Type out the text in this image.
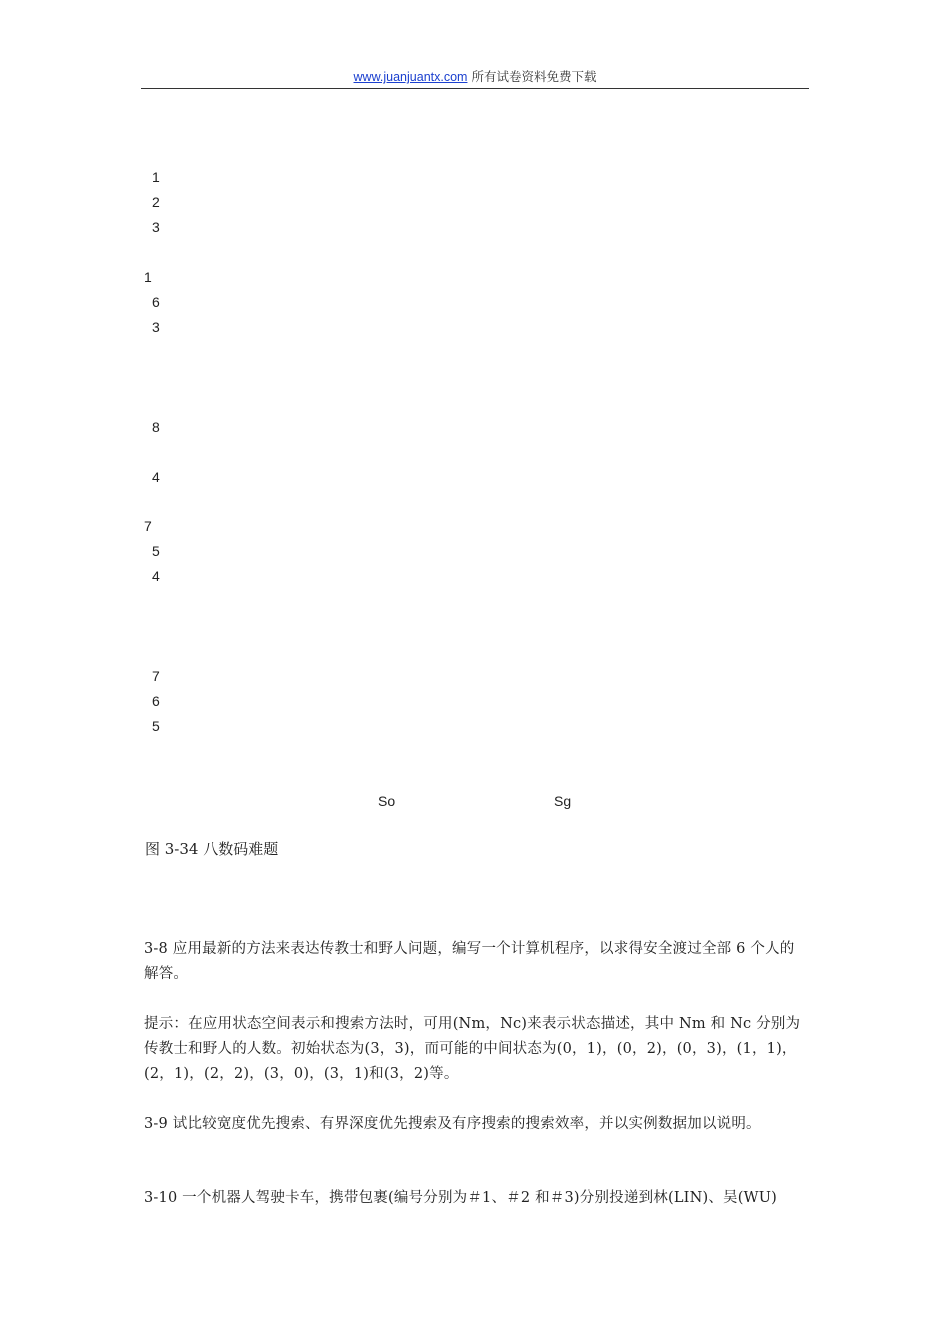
www.juanjuantx.com 所有试卷资料免费下载
1
2
3
1
6
3
8
4
7
5
4
7
6
5
So	Sg
图 3-34 八数码难题
3-8 应用最新的方法来表达传教士和野人问题，编写一个计算机程序，以求得安全渡过全部 6 个人的解答。
提示：在应用状态空间表示和搜索方法时，可用(Nm，Nc)来表示状态描述，其中 Nm 和 Nc 分别为传教士和野人的人数。初始状态为(3，3)，而可能的中间状态为(0，1)，(0，2)，(0，3)，(1，1)，(2，1)，(2，2)，(3，0)，(3，1)和(3，2)等。
3-9 试比较宽度优先搜索、有界深度优先搜索及有序搜索的搜索效率，并以实例数据加以说明。
3-10 一个机器人驾驶卡车，携带包裹(编号分别为＃1、＃2 和＃3)分别投递到林(LIN)、吴(WU)
